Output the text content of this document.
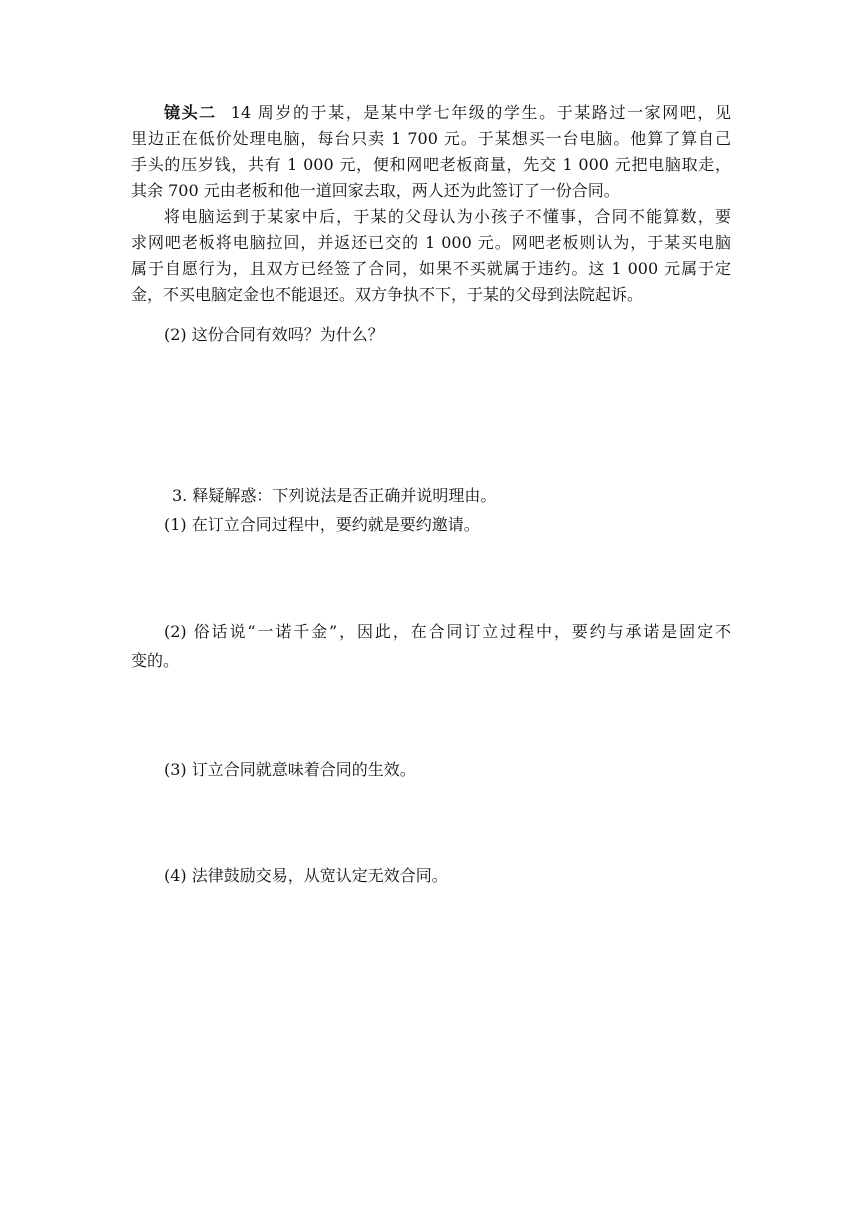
镜头二 14 周岁的于某，是某中学七年级的学生。于某路过一家网吧，见
里边正在低价处理电脑，每台只卖 1 700 元。于某想买一台电脑。他算了算自己
手头的压岁钱，共有 1 000 元，便和网吧老板商量，先交 1 000 元把电脑取走，
其余 700 元由老板和他一道回家去取，两人还为此签订了一份合同。
将电脑运到于某家中后，于某的父母认为小孩子不懂事，合同不能算数，要
求网吧老板将电脑拉回，并返还已交的 1 000 元。网吧老板则认为，于某买电脑
属于自愿行为，且双方已经签了合同，如果不买就属于违约。这 1 000 元属于定
金，不买电脑定金也不能退还。双方争执不下，于某的父母到法院起诉。
(2) 这份合同有效吗？为什么？
3. 释疑解惑：下列说法是否正确并说明理由。
(1) 在订立合同过程中，要约就是要约邀请。
(2) 俗话说“一诺千金”，因此，在合同订立过程中，要约与承诺是固定不
变的。
(3) 订立合同就意味着合同的生效。
(4) 法律鼓励交易，从宽认定无效合同。
